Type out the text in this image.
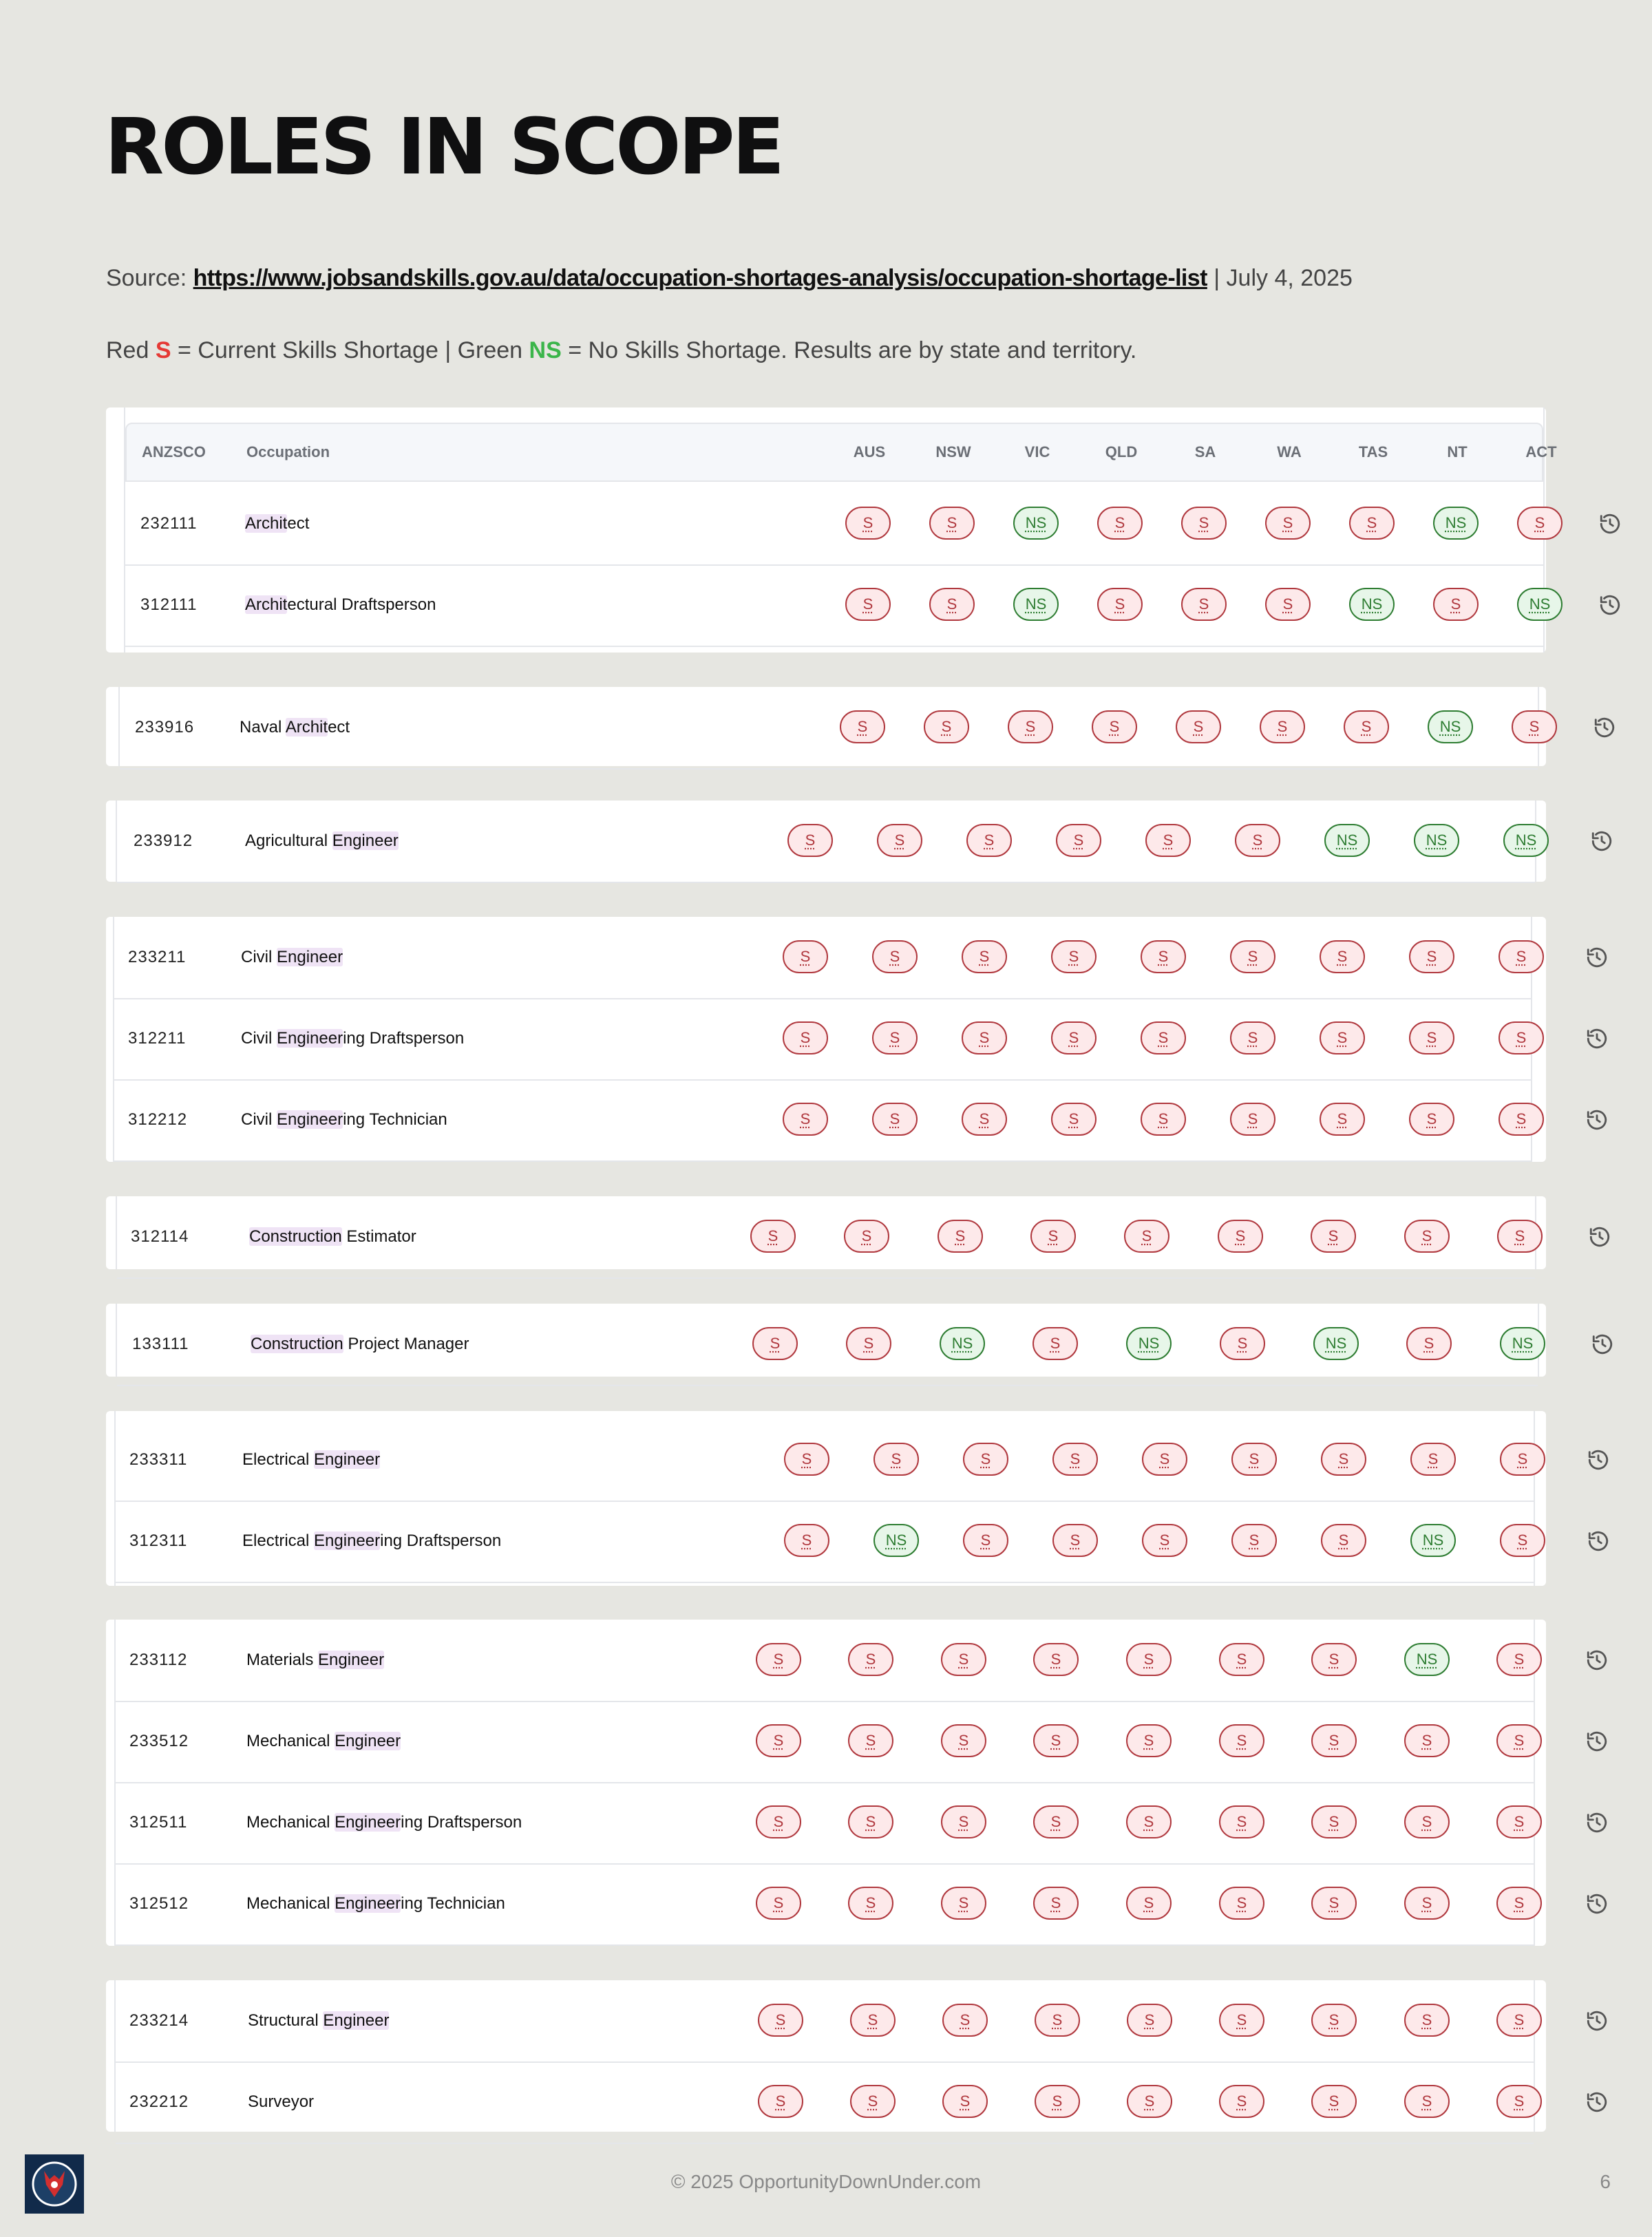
ROLES IN SCOPE
Source: https://www.jobsandskills.gov.au/data/occupation-shortages-analysis/occupation-shortage-list | July 4, 2025
Red S = Current Skills Shortage | Green NS = No Skills Shortage. Results are by state and territory.
ANZSCO	Occupation	AUS	NSW	VIC	QLD	SA	WA	TAS	NT	ACT
232111	Architect	S	S	NS	S	S	S	S	NS	S
312111	Architectural Draftsperson	S	S	NS	S	S	S	NS	S	NS
233916	Naval Architect	S	S	S	S	S	S	S	NS	S
233912	Agricultural Engineer	S	S	S	S	S	S	NS	NS	NS
233211	Civil Engineer	S	S	S	S	S	S	S	S	S
312211	Civil Engineering Draftsperson	S	S	S	S	S	S	S	S	S
312212	Civil Engineering Technician	S	S	S	S	S	S	S	S	S
312114	Construction Estimator	S	S	S	S	S	S	S	S	S
133111	Construction Project Manager	S	S	NS	S	NS	S	NS	S	NS
233311	Electrical Engineer	S	S	S	S	S	S	S	S	S
312311	Electrical Engineering Draftsperson	S	NS	S	S	S	S	S	NS	S
233112	Materials Engineer	S	S	S	S	S	S	S	NS	S
233512	Mechanical Engineer	S	S	S	S	S	S	S	S	S
312511	Mechanical Engineering Draftsperson	S	S	S	S	S	S	S	S	S
312512	Mechanical Engineering Technician	S	S	S	S	S	S	S	S	S
233214	Structural Engineer	S	S	S	S	S	S	S	S	S
232212	Surveyor	S	S	S	S	S	S	S	S	S
© 2025 OpportunityDownUnder.com	6
